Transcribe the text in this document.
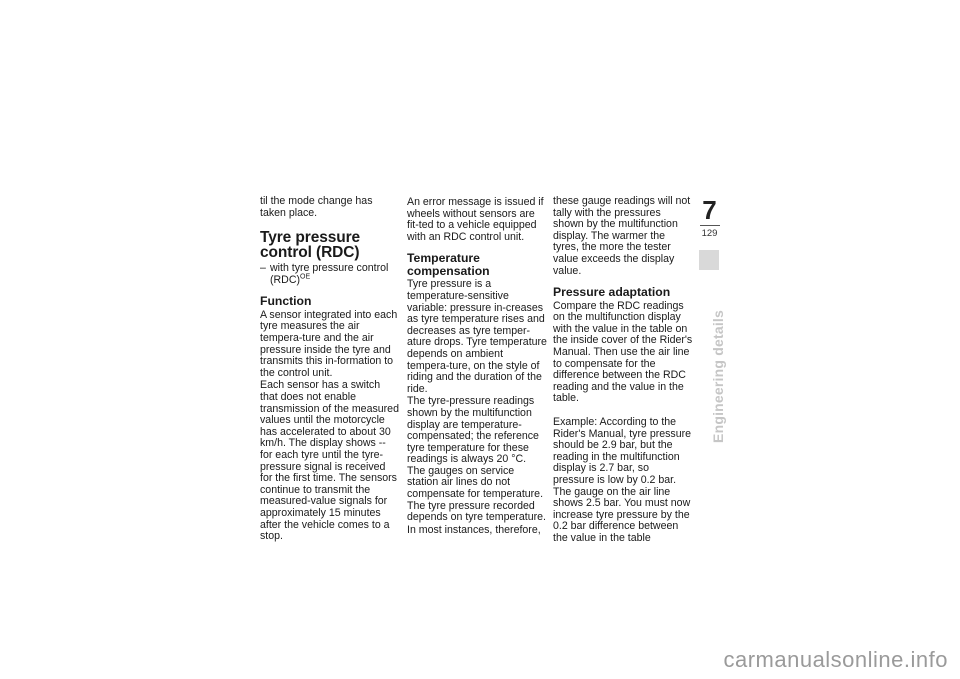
til the mode change has taken place.

Tyre pressure control (RDC)
– with tyre pressure control (RDC)$^{OE}$
Function

A sensor integrated into each tyre measures the air tempera-ture and the air pressure inside the tyre and transmits this in-formation to the control unit.

Each sensor has a switch that does not enable transmission of the measured values until the motorcycle has accelerated to about 30 km/h. The display shows -- for each tyre until the tyre-pressure signal is received for the first time. The sensors continue to transmit the measured-value signals for approximately 15 minutes after the vehicle comes to a stop.

An error message is issued if wheels without sensors are fit-ted to a vehicle equipped with an RDC control unit.

Temperature compensation

Tyre pressure is a temperature-sensitive variable: pressure in-creases as tyre temperature rises and decreases as tyre temper-ature drops. Tyre temperature depends on ambient tempera-ture, on the style of riding and the duration of the ride.

The tyre-pressure readings shown by the multifunction display are temperature-compensated; the reference tyre temperature for these readings is always 20 °C. The gauges on service station air lines do not compensate for temperature. The tyre pressure recorded depends on tyre temperature.

In most instances, therefore,

these gauge readings will not tally with the pressures shown by the multifunction display. The warmer the tyres, the more the tester value exceeds the display value.

Pressure adaptation

Compare the RDC readings on the multifunction display with the value in the table on the inside cover of the Rider's Manual. Then use the air line to compensate for the difference between the RDC reading and the value in the table.

Example: According to the Rider's Manual, tyre pressure should be 2.9 bar, but the reading in the multifunction display is 2.7 bar, so pressure is low by 0.2 bar. The gauge on the air line shows 2.5 bar. You must now increase tyre pressure by the 0.2 bar difference between the value in the table

7
129
Engineering details
carmanualsonline.info
